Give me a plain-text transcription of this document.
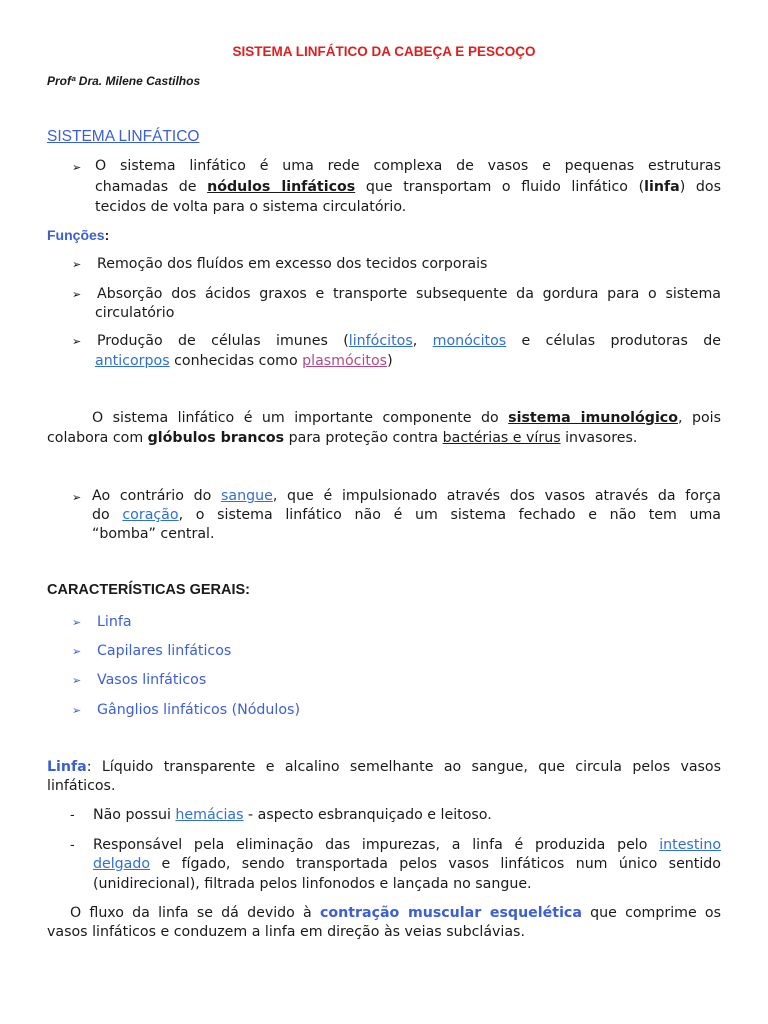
SISTEMA LINFÁTICO DA CABEÇA E PESCOÇO
Profª Dra. Milene Castilhos
SISTEMA LINFÁTICO
➢ O sistema linfático é uma rede complexa de vasos e pequenas estruturas
chamadas de nódulos linfáticos que transportam o fluido linfático (linfa) dos
tecidos de volta para o sistema circulatório.
Funções:
➢ Remoção dos fluídos em excesso dos tecidos corporais
➢ Absorção dos ácidos graxos e transporte subsequente da gordura para o sistema
circulatório
➢ Produção de células imunes (linfócitos, monócitos e células produtoras de
anticorpos conhecidas como plasmócitos)
O sistema linfático é um importante componente do sistema imunológico, pois
colabora com glóbulos brancos para proteção contra bactérias e vírus invasores.
➢ Ao contrário do sangue, que é impulsionado através dos vasos através da força
do coração, o sistema linfático não é um sistema fechado e não tem uma
“bomba” central.
CARACTERÍSTICAS GERAIS:
➢ Linfa
➢ Capilares linfáticos
➢ Vasos linfáticos
➢ Gânglios linfáticos (Nódulos)
Linfa: Líquido transparente e alcalino semelhante ao sangue, que circula pelos vasos
linfáticos.
- Não possui hemácias - aspecto esbranquiçado e leitoso.
- Responsável pela eliminação das impurezas, a linfa é produzida pelo intestino
delgado e fígado, sendo transportada pelos vasos linfáticos num único sentido
(unidirecional), filtrada pelos linfonodos e lançada no sangue.
O fluxo da linfa se dá devido à contração muscular esquelética que comprime os
vasos linfáticos e conduzem a linfa em direção às veias subclávias.
